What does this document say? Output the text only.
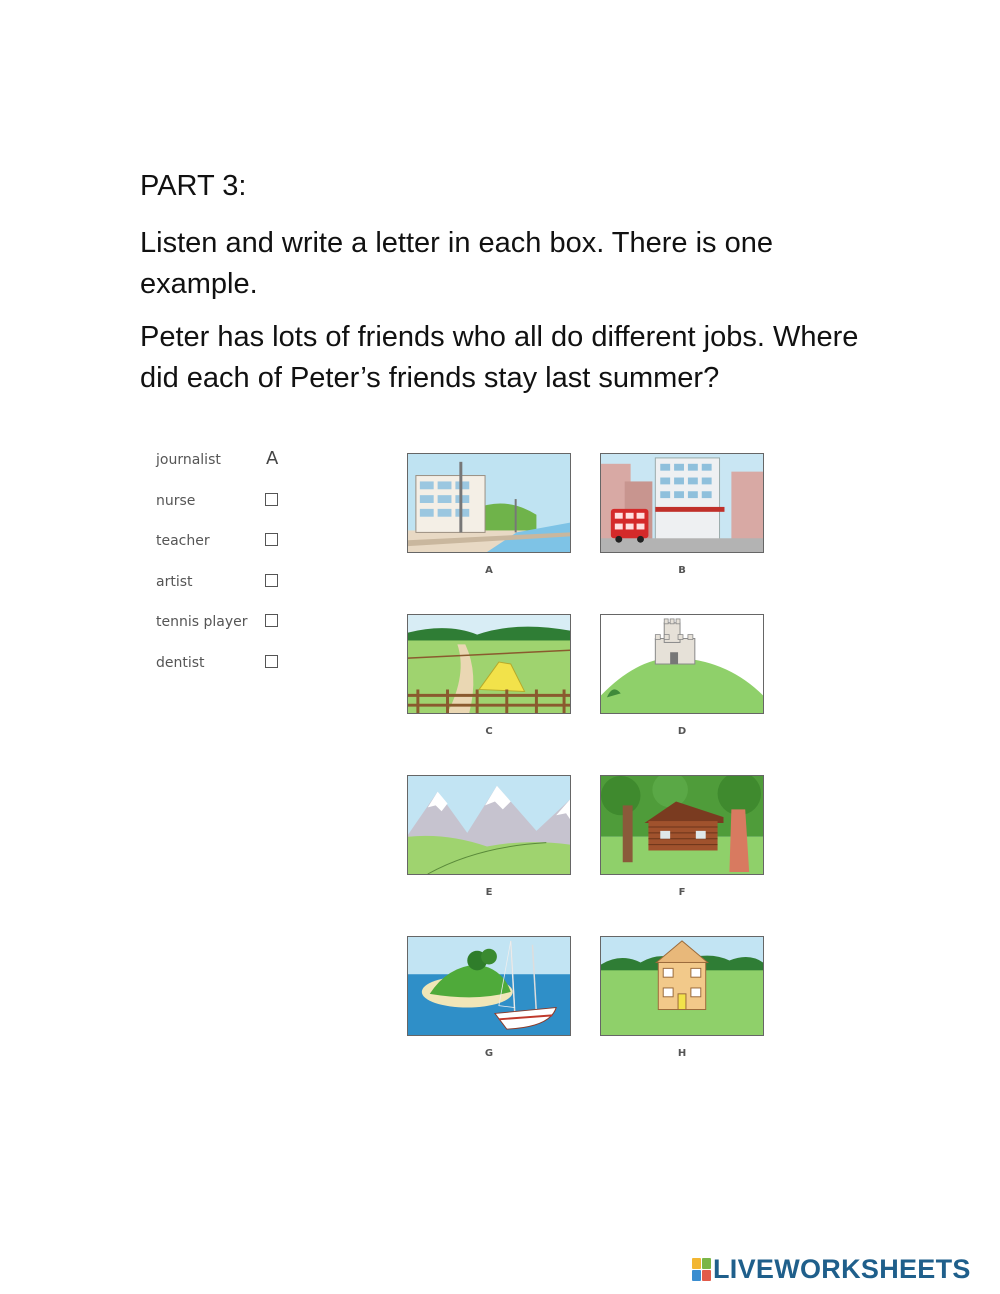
PART 3:
Listen and write a letter in each box. There is one example.
Peter has lots of friends who all do different jobs. Where did each of Peter’s friends stay last summer?
journalist	A
nurse
teacher
artist
tennis player
dentist
A	B
C	D
E	F
G	H
LIVEWORKSHEETS
